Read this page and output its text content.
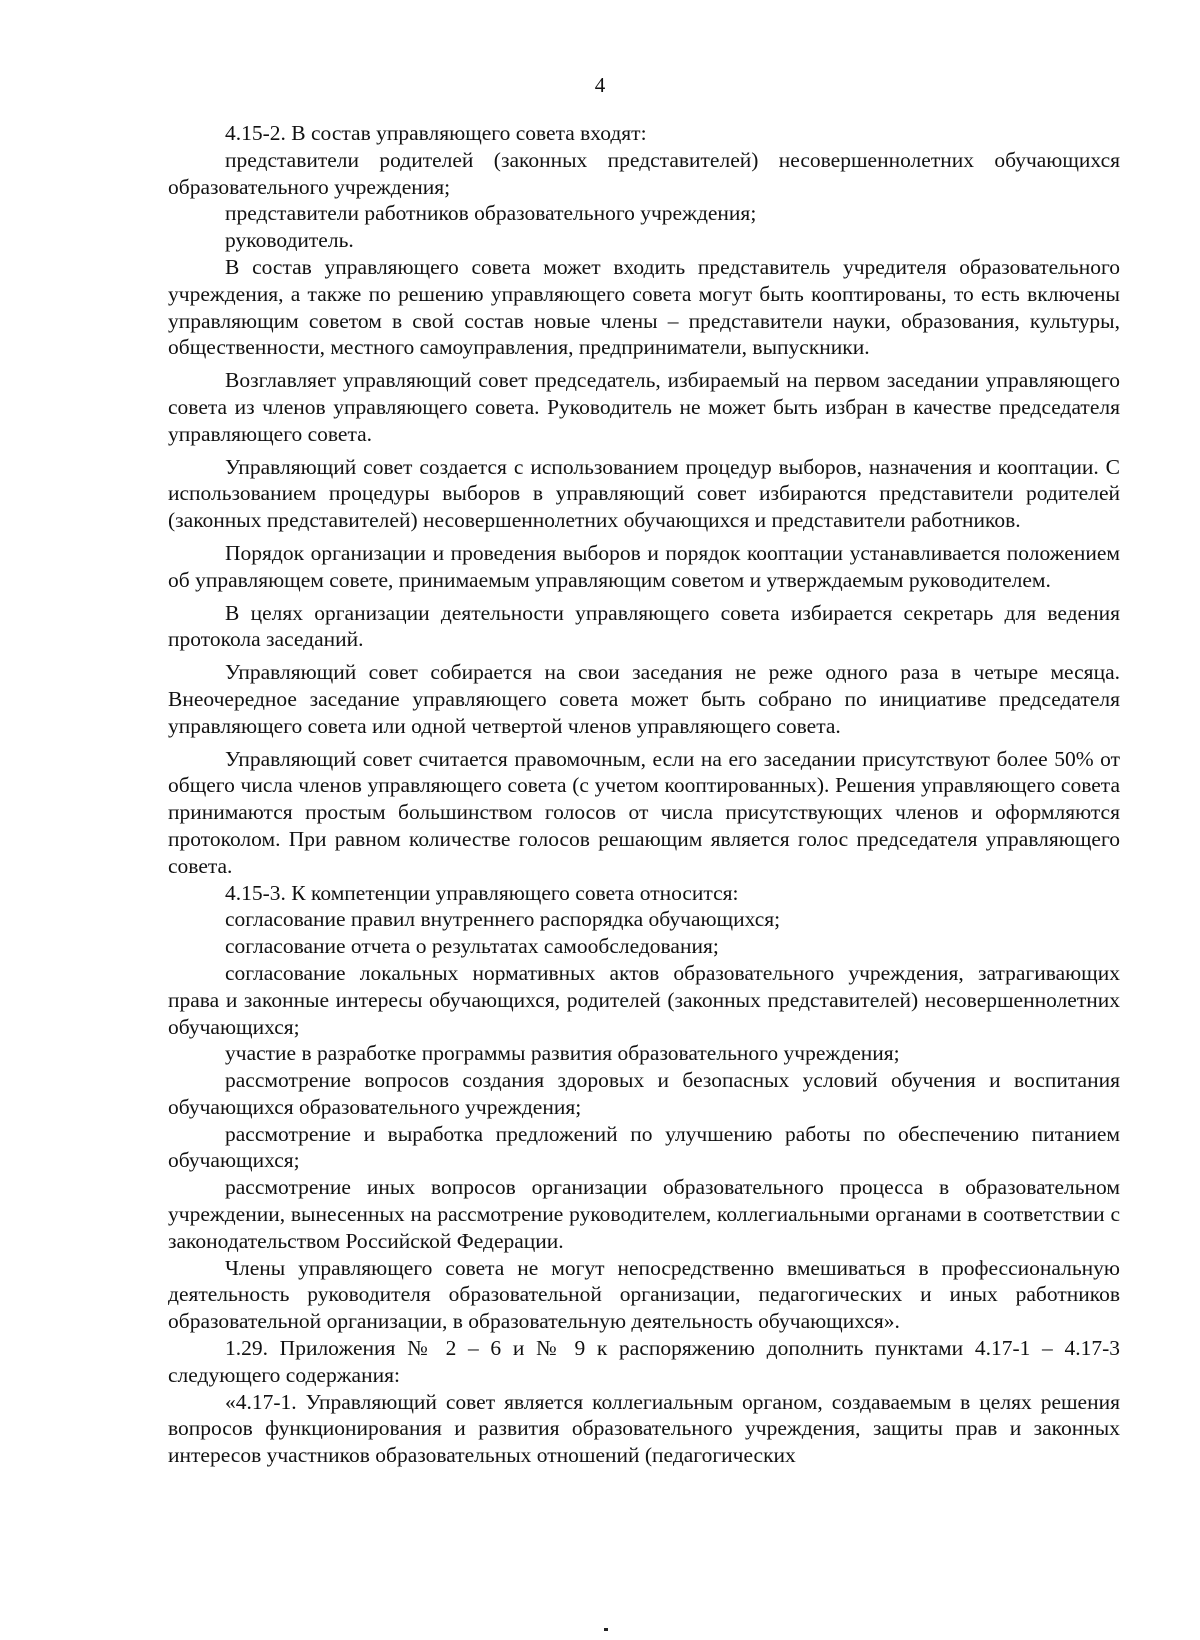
4

4.15-2. В состав управляющего совета входят:

представители родителей (законных представителей) несовершеннолетних обучающихся образовательного учреждения;

представители работников образовательного учреждения;

руководитель.

В состав управляющего совета может входить представитель учредителя образовательного учреждения, а также по решению управляющего совета могут быть кооптированы, то есть включены управляющим советом в свой состав новые члены – представители науки, образования, культуры, общественности, местного самоуправления, предприниматели, выпускники.

Возглавляет управляющий совет председатель, избираемый на первом заседании управляющего совета из членов управляющего совета. Руководитель не может быть избран в качестве председателя управляющего совета.

Управляющий совет создается с использованием процедур выборов, назначения и кооптации. С использованием процедуры выборов в управляющий совет избираются представители родителей (законных представителей) несовершеннолетних обучающихся и представители работников.

Порядок организации и проведения выборов и порядок кооптации устанавливается положением об управляющем совете, принимаемым управляющим советом и утверждаемым руководителем.

В целях организации деятельности управляющего совета избирается секретарь для ведения протокола заседаний.

Управляющий совет собирается на свои заседания не реже одного раза в четыре месяца. Внеочередное заседание управляющего совета может быть собрано по инициативе председателя управляющего совета или одной четвертой членов управляющего совета.

Управляющий совет считается правомочным, если на его заседании присутствуют более 50% от общего числа членов управляющего совета (с учетом кооптированных). Решения управляющего совета принимаются простым большинством голосов от числа присутствующих членов и оформляются протоколом. При равном количестве голосов решающим является голос председателя управляющего совета.

4.15-3. К компетенции управляющего совета относится:

согласование правил внутреннего распорядка обучающихся;

согласование отчета о результатах самообследования;

согласование локальных нормативных актов образовательного учреждения, затрагивающих права и законные интересы обучающихся, родителей (законных представителей) несовершеннолетних обучающихся;

участие в разработке программы развития образовательного учреждения;

рассмотрение вопросов создания здоровых и безопасных условий обучения и воспитания обучающихся образовательного учреждения;

рассмотрение и выработка предложений по улучшению работы по обеспечению питанием обучающихся;

рассмотрение иных вопросов организации образовательного процесса в образовательном учреждении, вынесенных на рассмотрение руководителем, коллегиальными органами в соответствии с законодательством Российской Федерации.

Члены управляющего совета не могут непосредственно вмешиваться в профессиональную деятельность руководителя образовательной организации, педагогических и иных работников образовательной организации, в образовательную деятельность обучающихся».

1.29. Приложения № 2 – 6 и № 9 к распоряжению дополнить пунктами 4.17-1 – 4.17-3 следующего содержания:

«4.17-1. Управляющий совет является коллегиальным органом, создаваемым в целях решения вопросов функционирования и развития образовательного учреждения, защиты прав и законных интересов участников образовательных отношений (педагогических
